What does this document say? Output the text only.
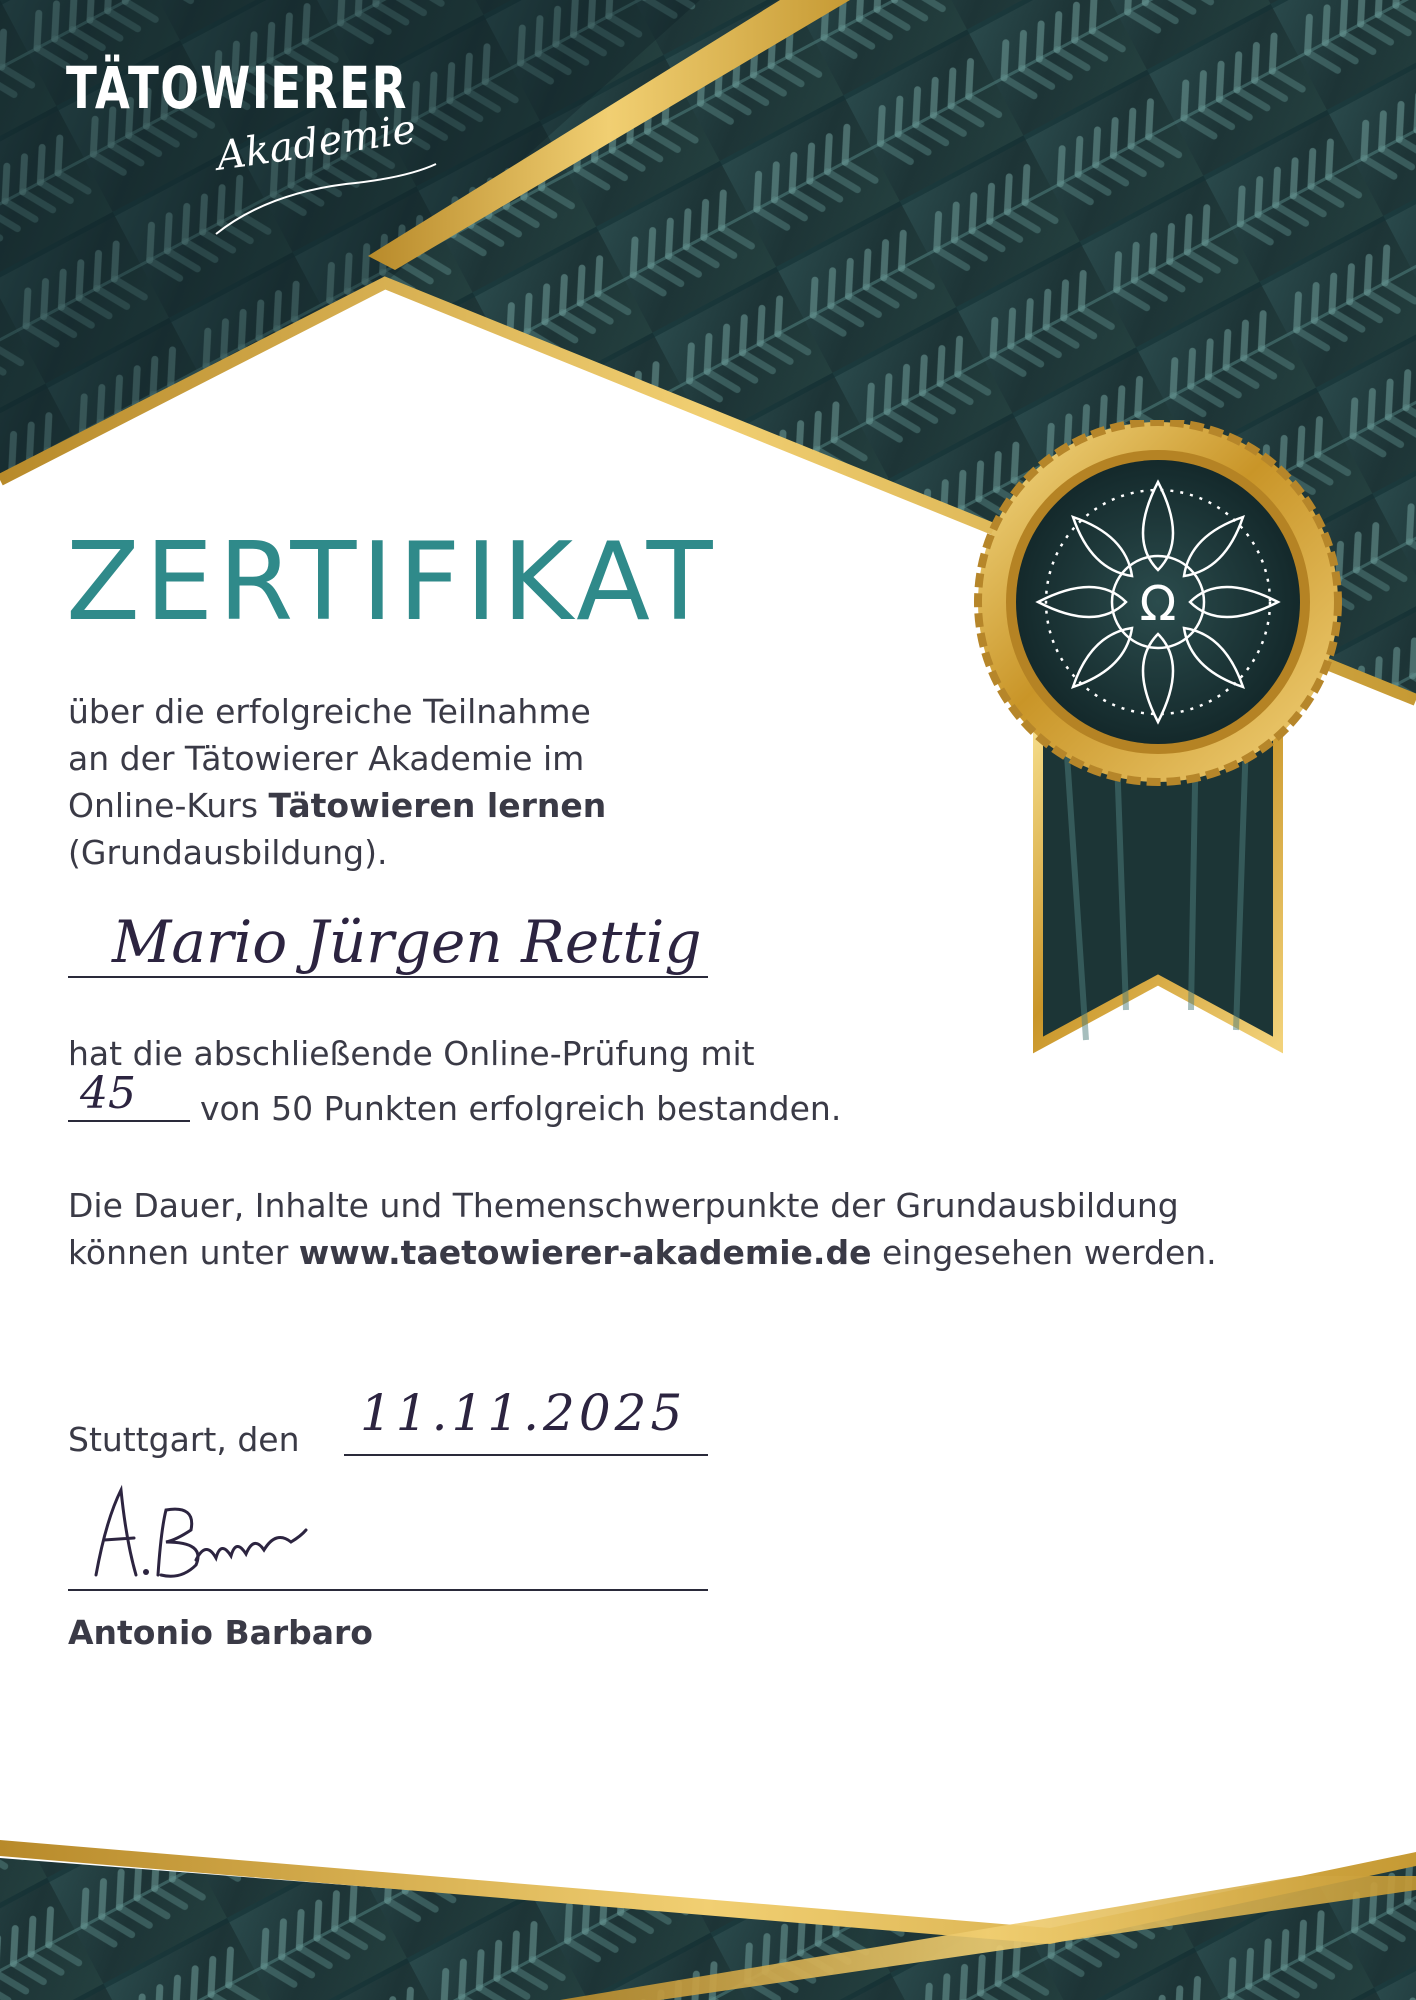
TÄTOWIERER
Akademie
ZERTIFIKAT
über die erfolgreiche Teilnahme
an der Tätowierer Akademie im
Online-Kurs Tätowieren lernen
(Grundausbildung).
Mario Jürgen Rettig
hat die abschließende Online-Prüfung mit
45 von 50 Punkten erfolgreich bestanden.
Die Dauer, Inhalte und Themenschwerpunkte der Grundausbildung
können unter www.taetowierer-akademie.de eingesehen werden.
Stuttgart, den 11.11.2025
Antonio Barbaro
Ω
